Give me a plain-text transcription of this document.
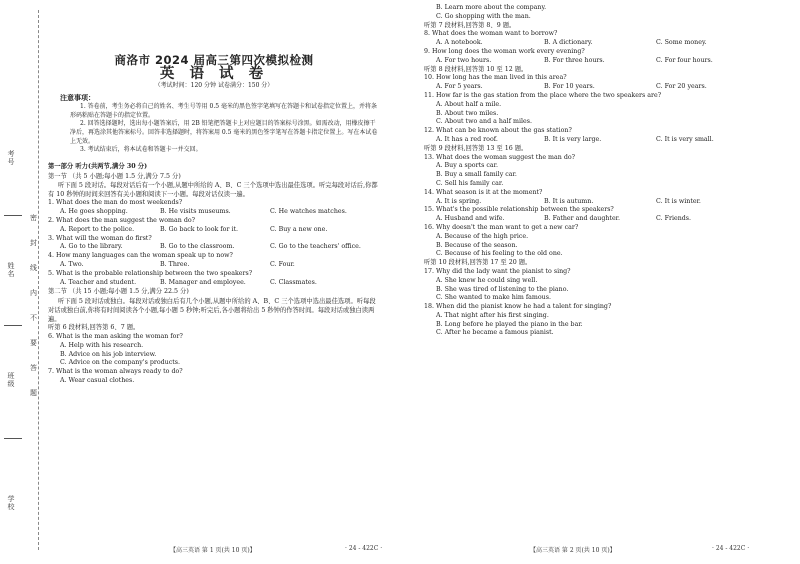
考号
姓名
班级
学校
密
封
线
内
不
要
答
题
商洛市 2024 届高三第四次模拟检测
英 语 试 卷
（考试时间：120 分钟 试卷满分：150 分）
注意事项：
1. 答卷前，考生务必将自己的姓名、考生号等用 0.5 毫米的黑色签字笔填写在答题卡和试卷指定位置上，并将条形码粘贴在答题卡的指定位置。
2. 回答选择题时，选出每小题答案后，用 2B 铅笔把答题卡上对应题目的答案标号涂黑。如需改动，用橡皮擦干净后，再选涂其他答案标号。回答非选择题时，将答案用 0.5 毫米的黑色签字笔写在答题卡指定位置上。写在本试卷上无效。
3. 考试结束后，将本试卷和答题卡一并交回。
第一部分 听力(共两节,满分 30 分)
第一节 （共 5 小题;每小题 1.5 分,满分 7.5 分)
听下面 5 段对话。每段对话后有一个小题,从题中所给的 A、B、C 三个选项中选出最佳选项。听完每段对话后,你都有 10 秒钟的时间来回答有关小题和阅读下一小题。每段对话仅读一遍。
1. What does the man do most weekends?
A. He goes shopping.	B. He visits museums.	C. He watches matches.
2. What does the man suggest the woman do?
A. Report to the police.	B. Go back to look for it.	C. Buy a new one.
3. What will the woman do first?
A. Go to the library.	B. Go to the classroom.	C. Go to the teachers' office.
4. How many languages can the woman speak up to now?
A. Two.	B. Three.	C. Four.
5. What is the probable relationship between the two speakers?
A. Teacher and student.	B. Manager and employee.	C. Classmates.
第二节 （共 15 小题;每小题 1.5 分,满分 22.5 分)
听下面 5 段对话或独白。每段对话或独白后有几个小题,从题中所给的 A、B、C 三个选项中选出最佳选项。听每段对话或独白前,你将有时间阅读各个小题,每小题 5 秒钟;听完后,各小题将给出 5 秒钟的作答时间。每段对话或独白读两遍。
听第 6 段材料,回答第 6、7 题。
6. What is the man asking the woman for?
A. Help with his research.
B. Advice on his job interview.
C. Advice on the company's products.
7. What is the woman always ready to do?
A. Wear casual clothes.
B. Learn more about the company.
C. Go shopping with the man.
听第 7 段材料,回答第 8、9 题。
8. What does the woman want to borrow?
A. A notebook.	B. A dictionary.	C. Some money.
9. How long does the woman work every evening?
A. For two hours.	B. For three hours.	C. For four hours.
听第 8 段材料,回答第 10 至 12 题。
10. How long has the man lived in this area?
A. For 5 years.	B. For 10 years.	C. For 20 years.
11. How far is the gas station from the place where the two speakers are?
A. About half a mile.
B. About two miles.
C. About two and a half miles.
12. What can be known about the gas station?
A. It has a red roof.	B. It is very large.	C. It is very small.
听第 9 段材料,回答第 13 至 16 题。
13. What does the woman suggest the man do?
A. Buy a sports car.
B. Buy a small family car.
C. Sell his family car.
14. What season is it at the moment?
A. It is spring.	B. It is autumn.	C. It is winter.
15. What's the possible relationship between the speakers?
A. Husband and wife.	B. Father and daughter.	C. Friends.
16. Why doesn't the man want to get a new car?
A. Because of the high price.
B. Because of the season.
C. Because of his feeling to the old one.
听第 10 段材料,回答第 17 至 20 题。
17. Why did the lady want the pianist to sing?
A. She knew he could sing well.
B. She was tired of listening to the piano.
C. She wanted to make him famous.
18. When did the pianist know he had a talent for singing?
A. That night after his first singing.
B. Long before he played the piano in the bar.
C. After he became a famous pianist.
【高三英语 第 1 页(共 10 页)】	· 24 - 422C ·	【高三英语 第 2 页(共 10 页)】	· 24 - 422C ·
